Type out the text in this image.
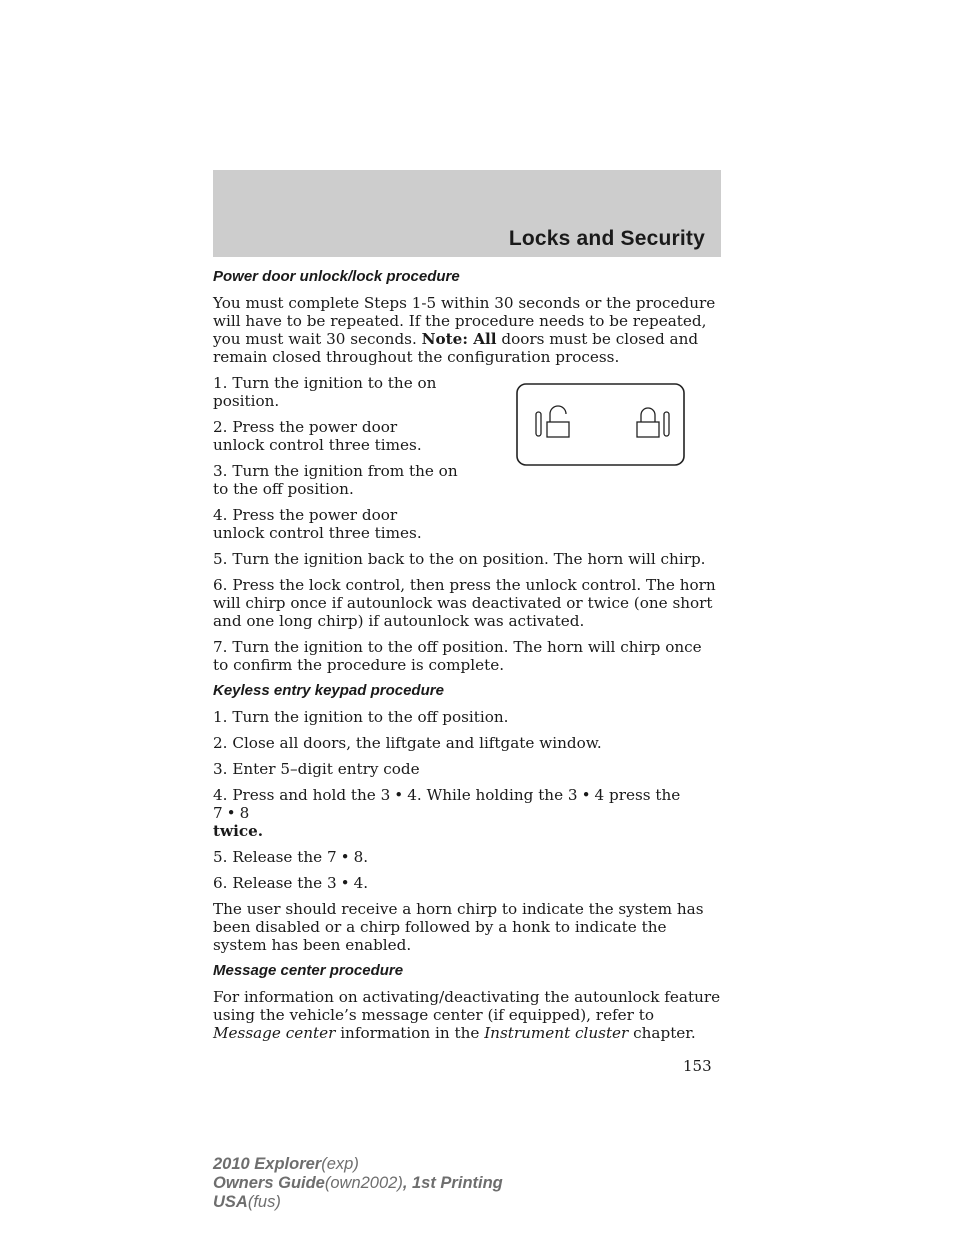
Locks and Security

Power door unlock/lock procedure

You must complete Steps 1-5 within 30 seconds or the procedure will have to be repeated. If the procedure needs to be repeated, you must wait 30 seconds. Note: All doors must be closed and remain closed throughout the configuration process.

1. Turn the ignition to the on position.

2. Press the power door unlock control three times.

3. Turn the ignition from the on to the off position.

4. Press the power door unlock control three times.

5. Turn the ignition back to the on position. The horn will chirp.

6. Press the lock control, then press the unlock control. The horn will chirp once if autounlock was deactivated or twice (one short and one long chirp) if autounlock was activated.

7. Turn the ignition to the off position. The horn will chirp once to confirm the procedure is complete.

Keyless entry keypad procedure

1. Turn the ignition to the off position.

2. Close all doors, the liftgate and liftgate window.

3. Enter 5–digit entry code

4. Press and hold the 3 • 4. While holding the 3 • 4 press the 7 • 8
twice.

5. Release the 7 • 8.

6. Release the 3 • 4.

The user should receive a horn chirp to indicate the system has been disabled or a chirp followed by a honk to indicate the system has been enabled.

Message center procedure

For information on activating/deactivating the autounlock feature using the vehicle’s message center (if equipped), refer to Message center information in the Instrument cluster chapter.

153
2010 Explorer(exp)
Owners Guide(own2002), 1st Printing
USA(fus)
